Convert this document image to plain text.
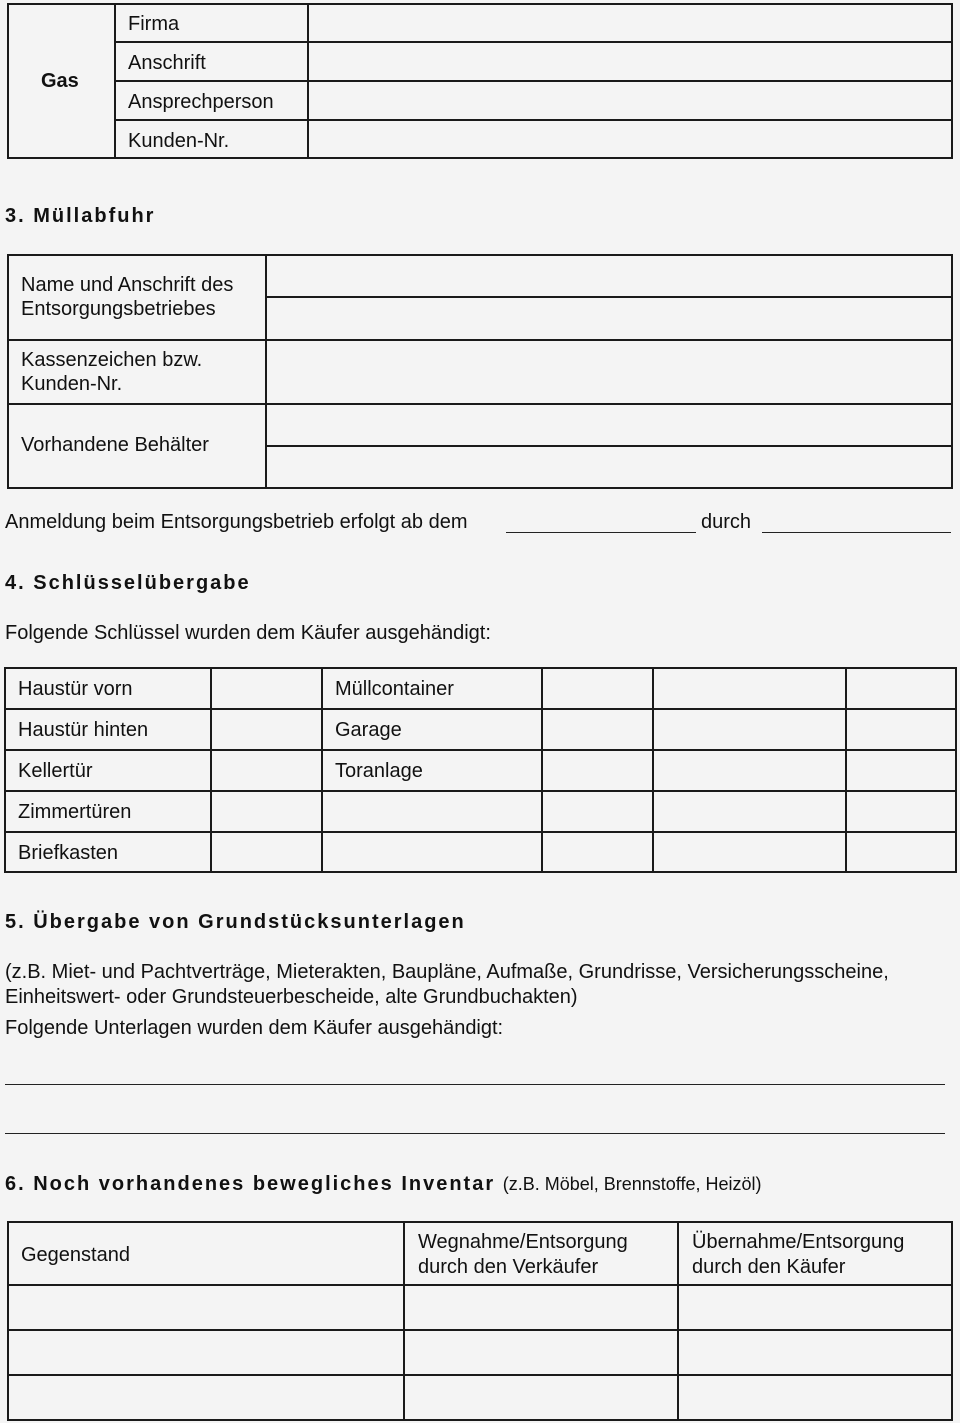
Gas
Firma
Anschrift
Ansprechperson
Kunden-Nr.
3. Müllabfuhr
Name und Anschrift des
Entsorgungsbetriebes
Kassenzeichen bzw.
Kunden-Nr.
Vorhandene Behälter
Anmeldung beim Entsorgungsbetrieb erfolgt ab dem	durch
4. Schlüsselübergabe
Folgende Schlüssel wurden dem Käufer ausgehändigt:
Haustür vorn
Haustür hinten
Kellertür
Zimmertüren
Briefkasten
Müllcontainer
Garage
Toranlage
5. Übergabe von Grundstücksunterlagen
(z.B. Miet- und Pachtverträge, Mieterakten, Baupläne, Aufmaße, Grundrisse, Versicherungsscheine,
Einheitswert- oder Grundsteuerbescheide, alte Grundbuchakten)
Folgende Unterlagen wurden dem Käufer ausgehändigt:
6. Noch vorhandenes bewegliches Inventar (z.B. Möbel, Brennstoffe, Heizöl)
Gegenstand
Wegnahme/Entsorgung
durch den Verkäufer
Übernahme/Entsorgung
durch den Käufer
